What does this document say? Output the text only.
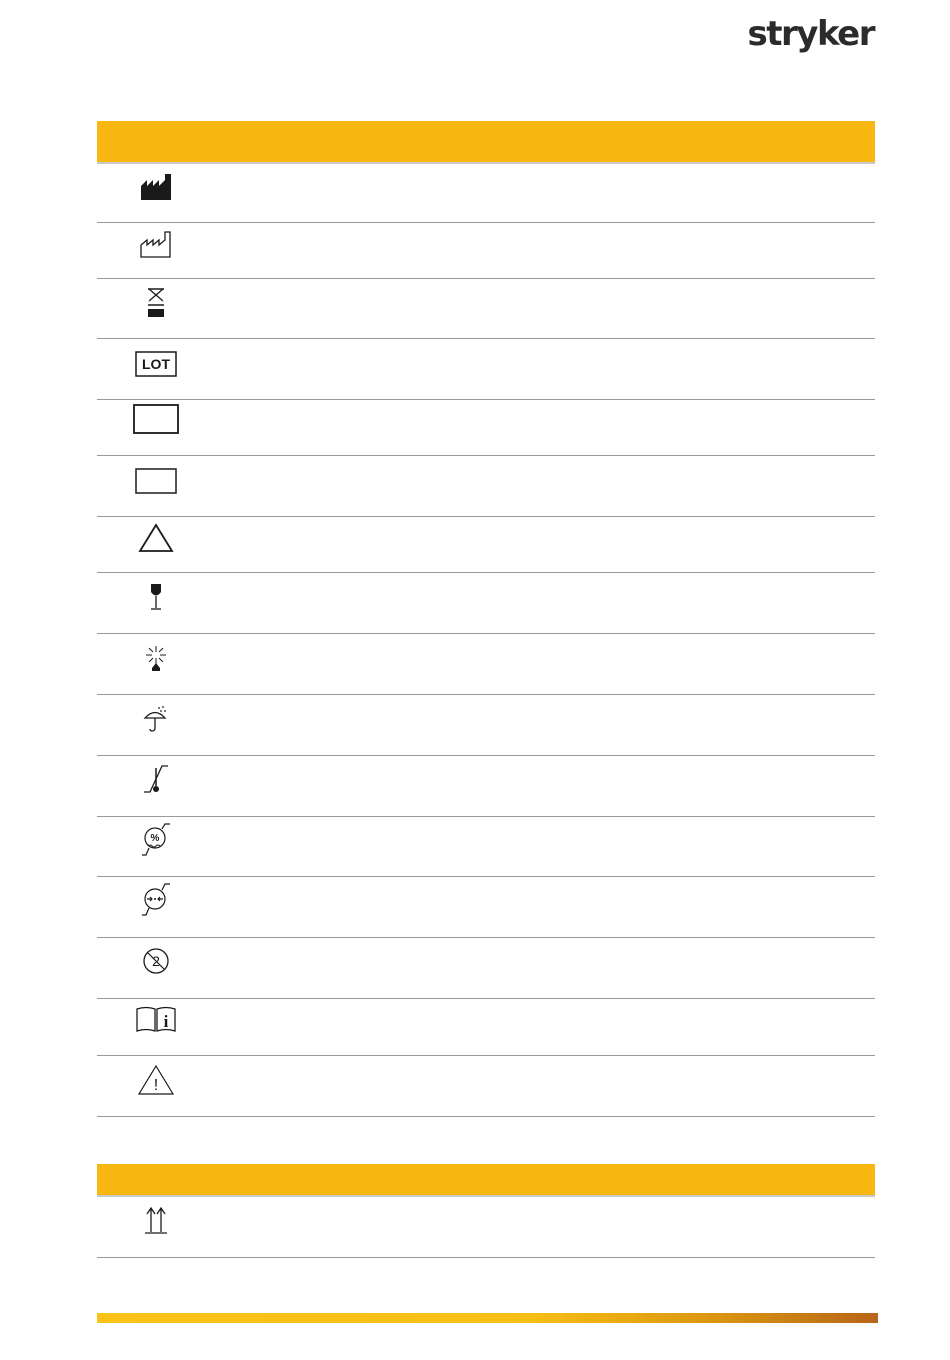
stryker
LOT
%
2
i
!
